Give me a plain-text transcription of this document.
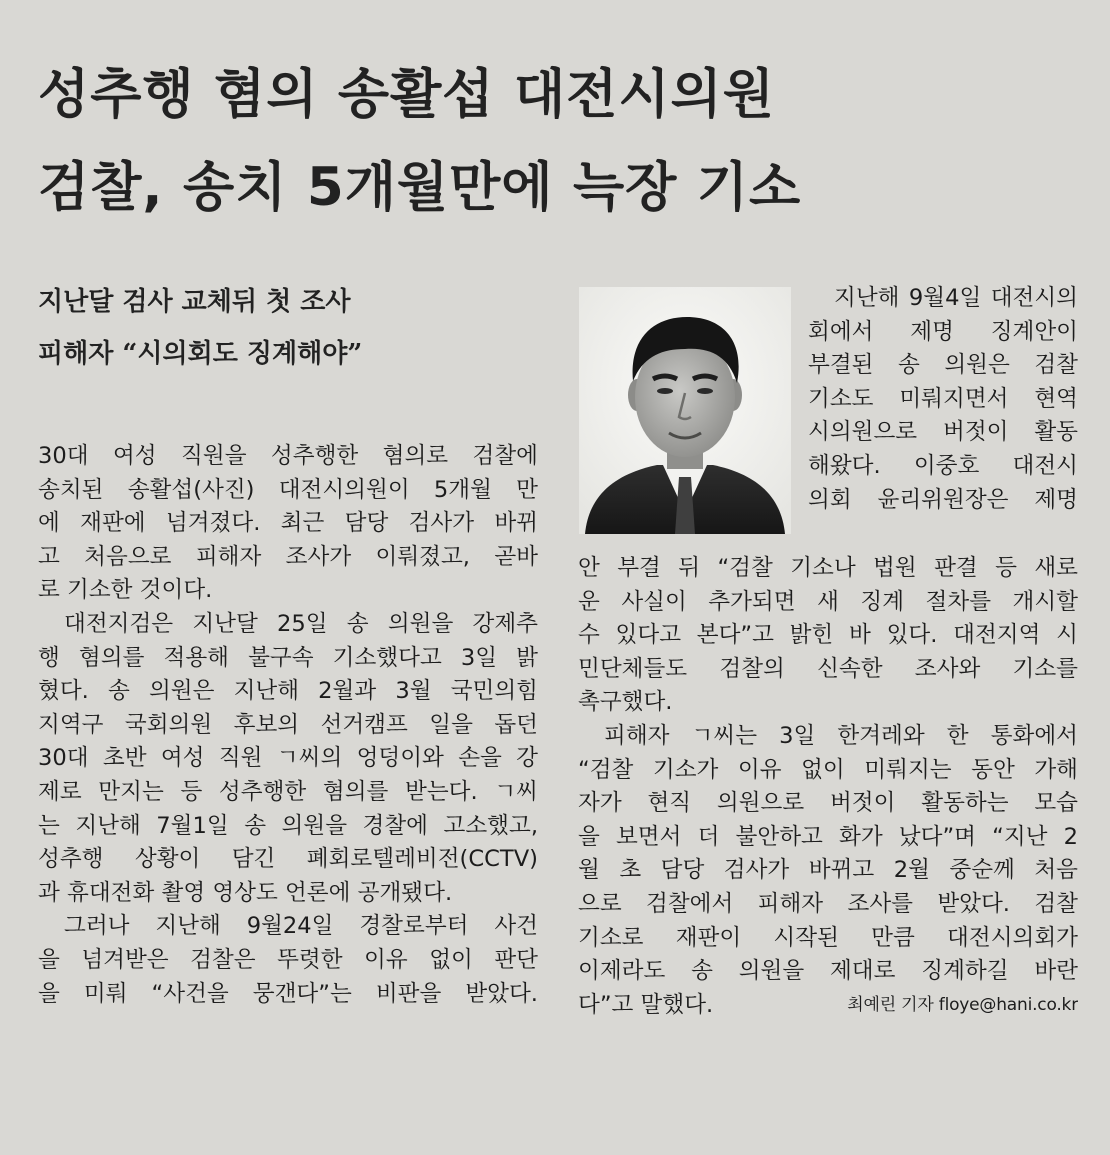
성추행 혐의 송활섭 대전시의원
검찰, 송치 5개월만에 늑장 기소
지난달 검사 교체뒤 첫 조사
피해자 “시의회도 징계해야”
30대 여성 직원을 성추행한 혐의로 검찰에
송치된 송활섭(사진) 대전시의원이 5개월 만
에 재판에 넘겨졌다. 최근 담당 검사가 바뀌
고 처음으로 피해자 조사가 이뤄졌고, 곧바
로 기소한 것이다.
대전지검은 지난달 25일 송 의원을 강제추
행 혐의를 적용해 불구속 기소했다고 3일 밝
혔다. 송 의원은 지난해 2월과 3월 국민의힘
지역구 국회의원 후보의 선거캠프 일을 돕던
30대 초반 여성 직원 ㄱ씨의 엉덩이와 손을 강
제로 만지는 등 성추행한 혐의를 받는다. ㄱ씨
는 지난해 7월1일 송 의원을 경찰에 고소했고,
성추행 상황이 담긴 폐회로텔레비전(CCTV)
과 휴대전화 촬영 영상도 언론에 공개됐다.
그러나 지난해 9월24일 경찰로부터 사건
을 넘겨받은 검찰은 뚜렷한 이유 없이 판단
을 미뤄 “사건을 뭉갠다”는 비판을 받았다.
지난해 9월4일 대전시의
회에서 제명 징계안이
부결된 송 의원은 검찰
기소도 미뤄지면서 현역
시의원으로 버젓이 활동
해왔다. 이중호 대전시
의회 윤리위원장은 제명
안 부결 뒤 “검찰 기소나 법원 판결 등 새로
운 사실이 추가되면 새 징계 절차를 개시할
수 있다고 본다”고 밝힌 바 있다. 대전지역 시
민단체들도 검찰의 신속한 조사와 기소를
촉구했다.
피해자 ㄱ씨는 3일 한겨레와 한 통화에서
“검찰 기소가 이유 없이 미뤄지는 동안 가해
자가 현직 의원으로 버젓이 활동하는 모습
을 보면서 더 불안하고 화가 났다”며 “지난 2
월 초 담당 검사가 바뀌고 2월 중순께 처음
으로 검찰에서 피해자 조사를 받았다. 검찰
기소로 재판이 시작된 만큼 대전시의회가
이제라도 송 의원을 제대로 징계하길 바란
다”고 말했다.	최예린 기자 floye@hani.co.kr
